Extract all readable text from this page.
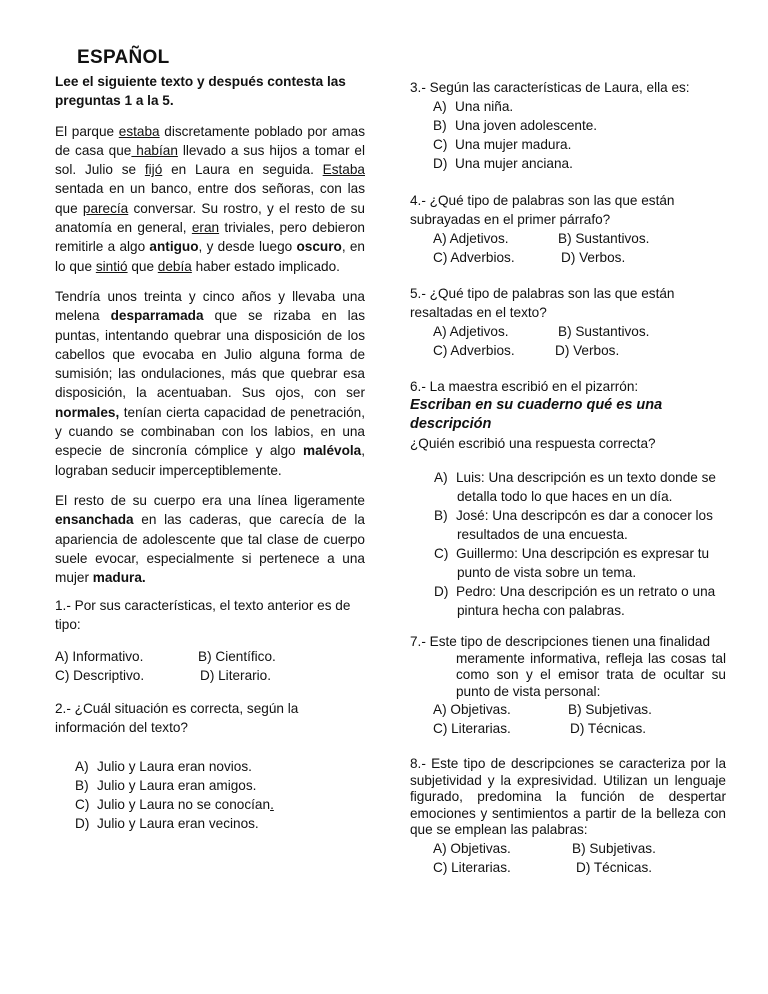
ESPAÑOL

Lee el siguiente texto y después contesta las preguntas 1 a la 5.

El parque estaba discretamente poblado por amas de casa que habían llevado a sus hijos a tomar el sol. Julio se fijó en Laura en seguida. Estaba sentada en un banco, entre dos señoras, con las que parecía conversar. Su rostro, y el resto de su anatomía en general, eran triviales, pero debieron remitirle a algo antiguo, y desde luego oscuro, en lo que sintió que debía haber estado implicado.

Tendría unos treinta y cinco años y llevaba una melena desparramada que se rizaba en las puntas, intentando quebrar una disposición de los cabellos que evocaba en Julio alguna forma de sumisión; las ondulaciones, más que quebrar esa disposición, la acentuaban. Sus ojos, con ser normales, tenían cierta capacidad de penetración, y cuando se combinaban con los labios, en una especie de sincronía cómplice y algo malévola, lograban seducir imperceptiblemente.

El resto de su cuerpo era una línea ligeramente ensanchada en las caderas, que carecía de la apariencia de adolescente que tal clase de cuerpo suele evocar, especialmente si pertenece a una mujer madura.

1.- Por sus características, el texto anterior es de tipo:

A) Informativo.	B) Científico.
C) Descriptivo.	D) Literario.

2.- ¿Cuál situación es correcta, según la información del texto?

A) Julio y Laura eran novios.
B) Julio y Laura eran amigos.
C) Julio y Laura no se conocían.
D) Julio y Laura eran vecinos.

3.- Según las características de Laura, ella es:

A) Una niña.
B) Una joven adolescente.
C) Una mujer madura.
D) Una mujer anciana.

4.- ¿Qué tipo de palabras son las que están subrayadas en el primer párrafo?

A) Adjetivos.	B) Sustantivos.
C) Adverbios.	D) Verbos.

5.- ¿Qué tipo de palabras son las que están resaltadas en el texto?

A) Adjetivos.	B) Sustantivos.
C) Adverbios.	D) Verbos.

6.- La maestra escribió en el pizarrón:

Escriban en su cuaderno qué es una descripción

¿Quién escribió una respuesta correcta?

A) Luis: Una descripción es un texto donde se detalla todo lo que haces en un día.

B) José: Una descripcón es dar a conocer los resultados de una encuesta.

C) Guillermo: Una descripción es expresar tu punto de vista sobre un tema.

D) Pedro: Una descripción es un retrato o una pintura hecha con palabras.

7.- Este tipo de descripciones tienen una finalidad
meramente informativa, refleja las cosas tal como son y el emisor trata de ocultar su punto de vista personal:

A) Objetivas.	B) Subjetivas.
C) Literarias.	D) Técnicas.

8.- Este tipo de descripciones se caracteriza por la subjetividad y la expresividad. Utilizan un lenguaje figurado, predomina la función de despertar emociones y sentimientos a partir de la belleza con que se emplean las palabras:

A) Objetivas.	B) Subjetivas.
C) Literarias.	D) Técnicas.
